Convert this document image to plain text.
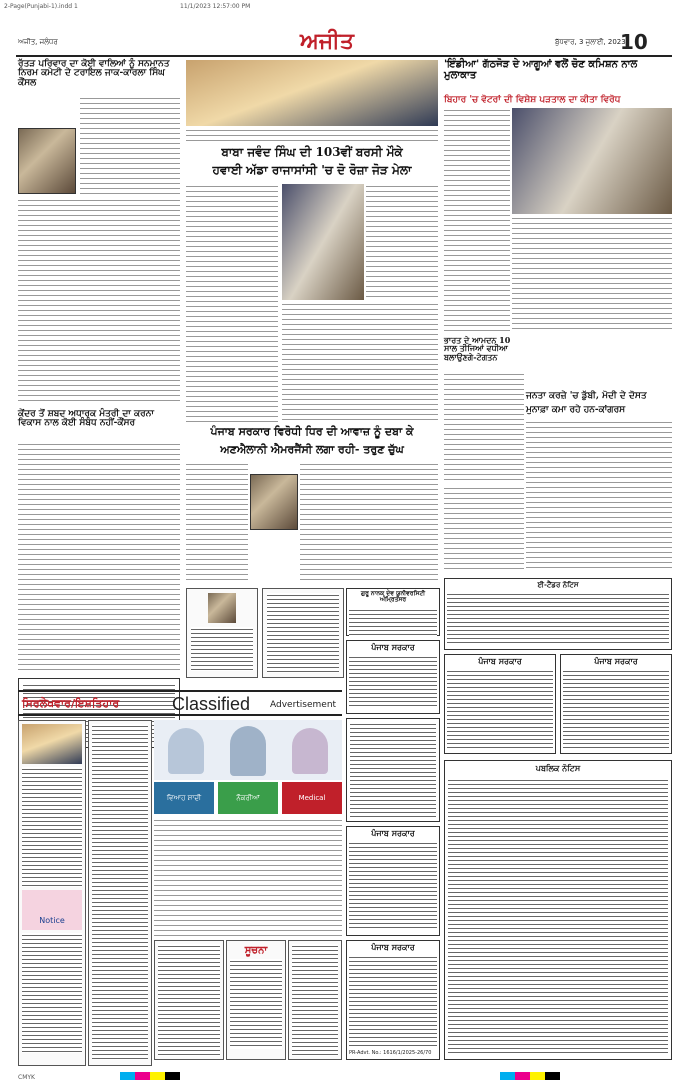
2-Page(Punjabi-1).indd 1	11/1/2023 12:57:00 PM
ਅਜੀਤ, ਜਲੰਧਰ	ਅਜੀਤ	ਬੁੱਧਵਾਰ, 3 ਜੁਲਾਈ, 2023
10
ਰੱਤੜ ਪਰਿਵਾਰ ਦਾ ਕੋਈ ਵਾਲਿਆਂ ਨੂੰ ਸਨਮਾਨਤ ਨਿਰਮ ਕਮੇਟੀ ਦੇ ਟਰਾਇਲ ਜਾਕ-ਕਾਰਲਾ ਸਿੰਘ ਕੌਂਸਲ
ਕੇਂਦਰ ਤੋਂ ਸ਼ਬਦ ਅਧਾਰਕ ਮੰਤਰੀ ਦਾ ਕਰਨਾ ਵਿਕਾਸ ਨਾਲ ਕੋਈ ਸੰਬੰਧ ਨਹੀਂ-ਕੌਂਸਰ
ਬਾਬਾ ਜਵੰਦ ਸਿੰਘ ਦੀ 103ਵੀਂ ਬਰਸੀ ਮੌਕੇ
ਹਵਾਈ ਅੱਡਾ ਰਾਜਾਸਾਂਸੀ 'ਚ ਦੋ ਰੋਜ਼ਾ ਜੋੜ ਮੇਲਾ
ਪੰਜਾਬ ਸਰਕਾਰ ਵਿਰੋਧੀ ਧਿਰ ਦੀ ਆਵਾਜ਼ ਨੂੰ ਦਬਾ ਕੇ
ਅਣਐਲਾਨੀ ਐਮਰਜੈਂਸੀ ਲਗਾ ਰਹੀ- ਤਰੁਣ ਚੁੱਘ
'ਇੰਡੀਆ' ਗੱਠਜੋੜ ਦੇ ਆਗੂਆਂ ਵਲੋਂ ਚੋਣ ਕਮਿਸ਼ਨ ਨਾਲ ਮੁਲਾਕਾਤ
ਬਿਹਾਰ 'ਚ ਵੋਟਰਾਂ ਦੀ ਵਿਸ਼ੇਸ਼ ਪੜਤਾਲ ਦਾ ਕੀਤਾ ਵਿਰੋਧ
ਭਾਰਤ ਦੇ ਆਮਦਨ 10 ਸਾਲ ਤੀਜਿਆਂ ਵਧੀਆ ਬਲਾਉਣਗੇ-ਟੇਗਤਨ
ਜਨਤਾ ਕਰਜ਼ੇ 'ਚ ਡੁੱਬੀ, ਮੋਦੀ ਦੇ ਦੋਸਤ
ਮੁਨਾਫ਼ਾ ਕਮਾ ਰਹੇ ਹਨ-ਕਾਂਗਰਸ
ਸਿਰਲੇਖਵਾਰ/ਇਸ਼ਤਿਹਾਰ	Classified Advertisement
Notice
ਵਿਆਹ ਸ਼ਾਦੀ	ਨੌਕਰੀਆਂ	Medical
ਸੂਚਨਾ
ਗੁਰੂ ਨਾਨਕ ਦੇਵ ਯੂਨੀਵਰਸਿਟੀ ਅੰਮ੍ਰਿਤਸਰ
ਪੰਜਾਬ ਸਰਕਾਰ
ਪੰਜਾਬ ਸਰਕਾਰ
ਪੰਜਾਬ ਸਰਕਾਰ
PR-Advt. No.: 1616/1/2025-26/70
ਈ-ਟੈਂਡਰ ਨੋਟਿਸ
ਪੰਜਾਬ ਸਰਕਾਰ	ਪੰਜਾਬ ਸਰਕਾਰ
ਪਬਲਿਕ ਨੋਟਿਸ
CMYK
